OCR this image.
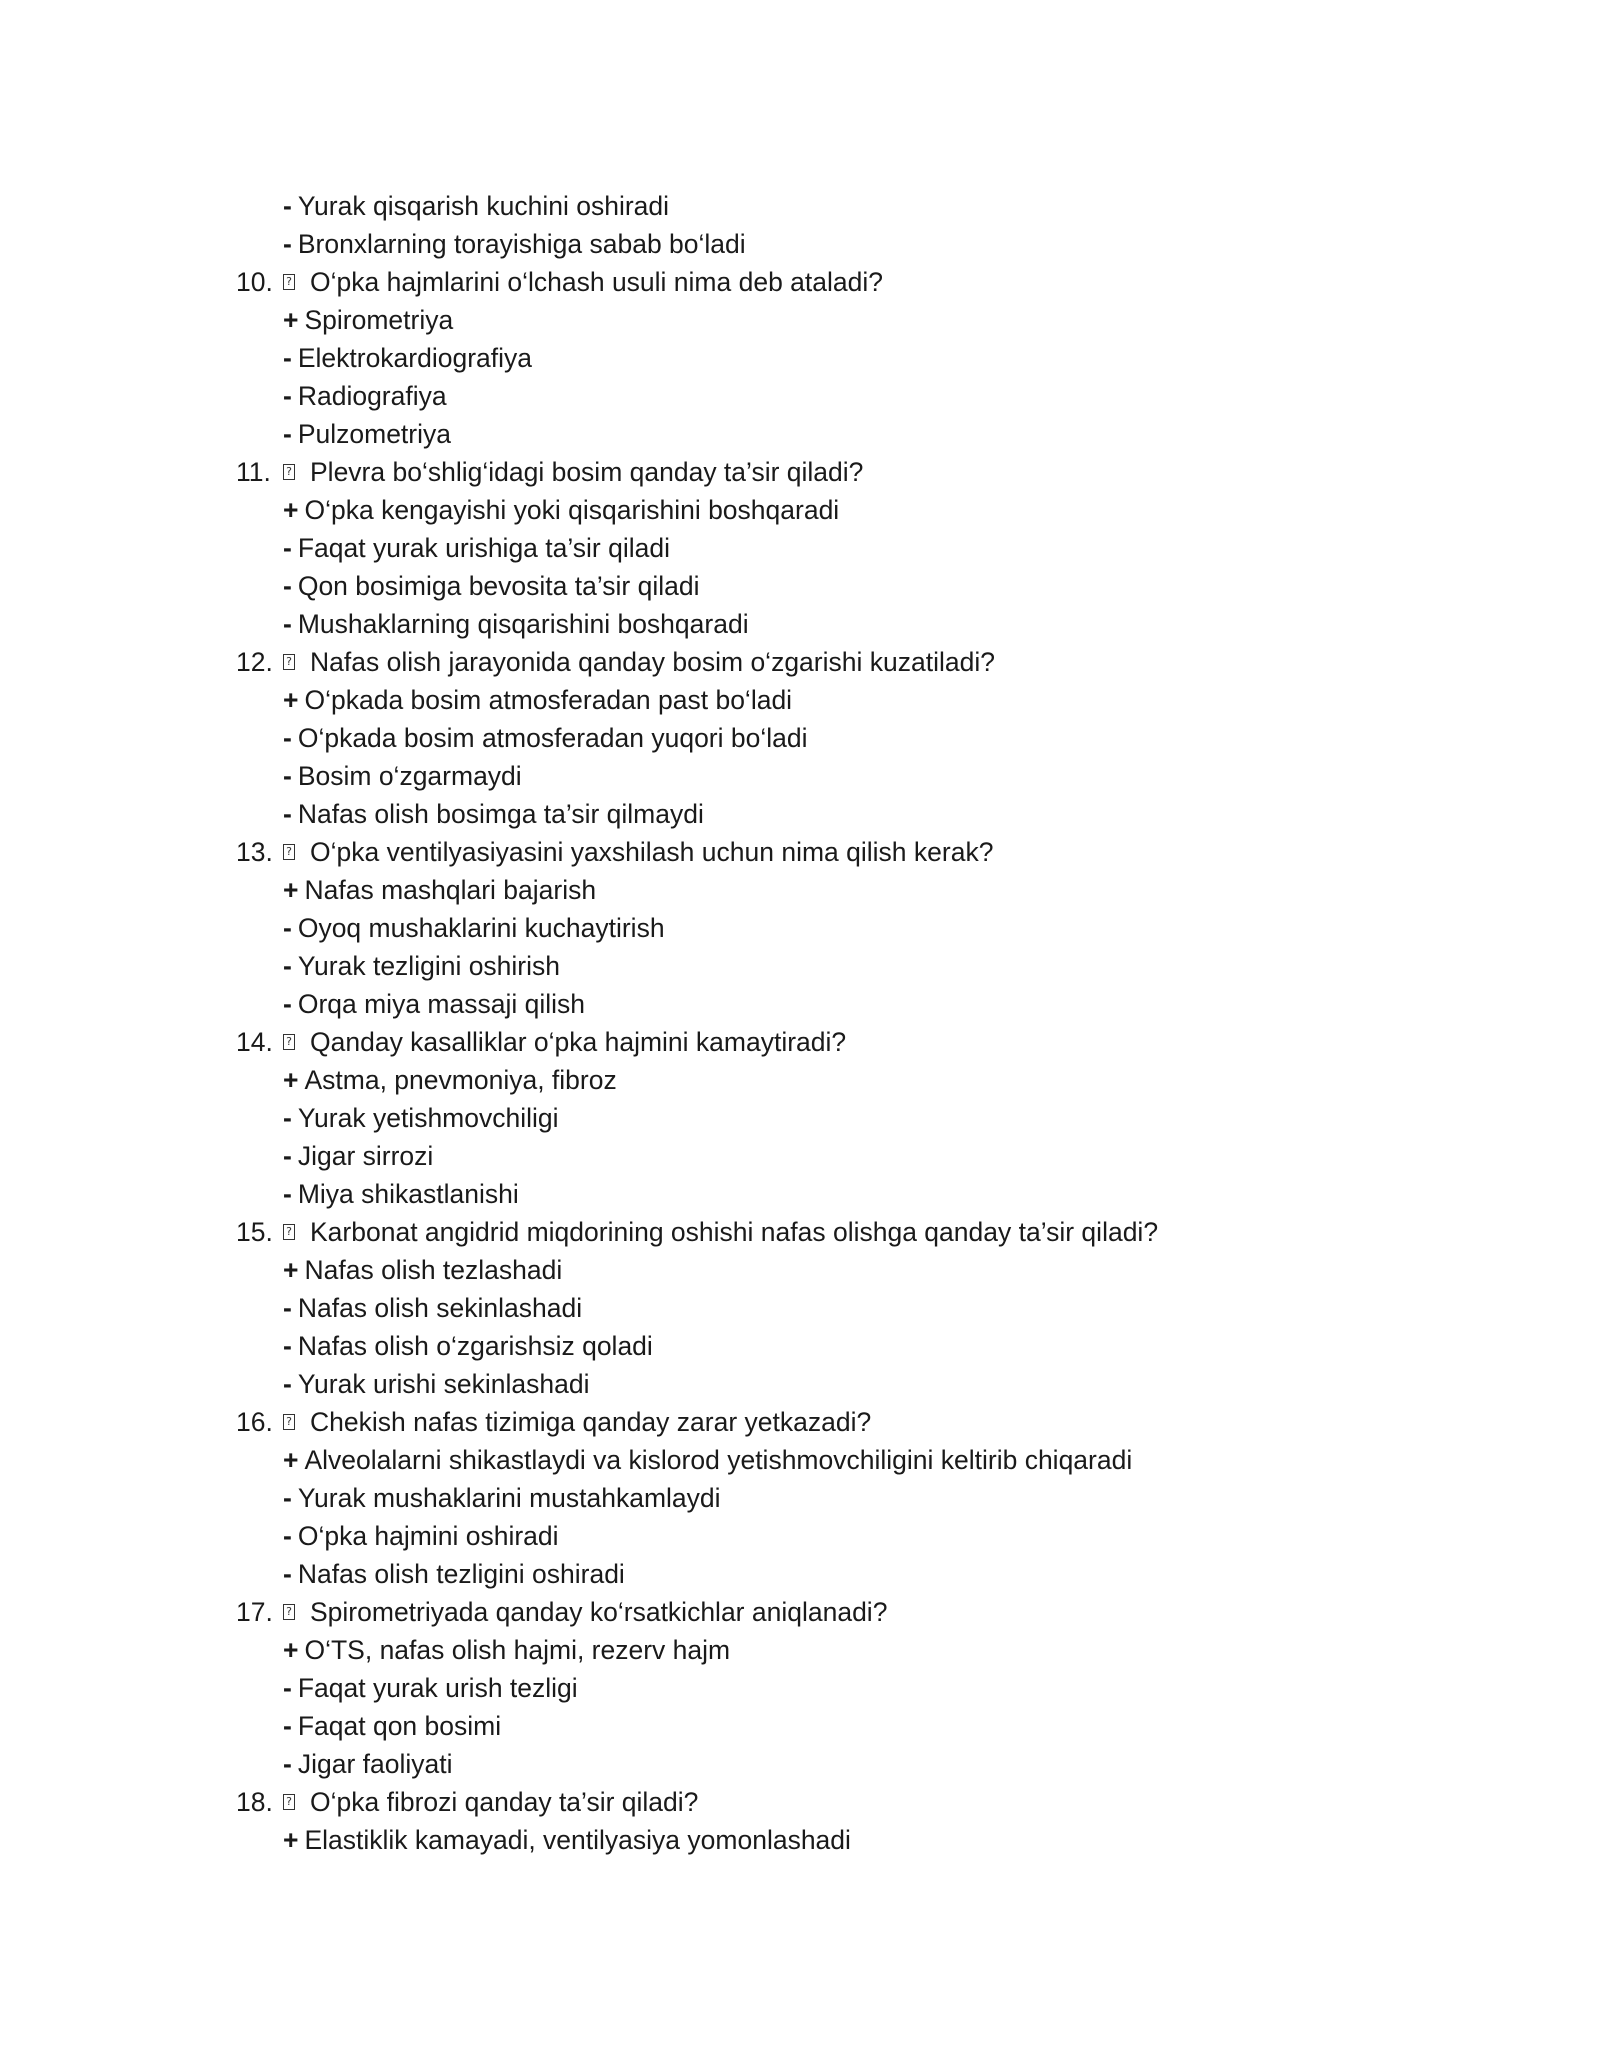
- Yurak qisqarish kuchini oshiradi
- Bronxlarning torayishiga sabab bo‘ladi
10. ? O‘pka hajmlarini o‘lchash usuli nima deb ataladi?
+ Spirometriya
- Elektrokardiografiya
- Radiografiya
- Pulzometriya
11. ? Plevra bo‘shlig‘idagi bosim qanday ta’sir qiladi?
+ O‘pka kengayishi yoki qisqarishini boshqaradi
- Faqat yurak urishiga ta’sir qiladi
- Qon bosimiga bevosita ta’sir qiladi
- Mushaklarning qisqarishini boshqaradi
12. ? Nafas olish jarayonida qanday bosim o‘zgarishi kuzatiladi?
+ O‘pkada bosim atmosferadan past bo‘ladi
- O‘pkada bosim atmosferadan yuqori bo‘ladi
- Bosim o‘zgarmaydi
- Nafas olish bosimga ta’sir qilmaydi
13. ? O‘pka ventilyasiyasini yaxshilash uchun nima qilish kerak?
+ Nafas mashqlari bajarish
- Oyoq mushaklarini kuchaytirish
- Yurak tezligini oshirish
- Orqa miya massaji qilish
14. ? Qanday kasalliklar o‘pka hajmini kamaytiradi?
+ Astma, pnevmoniya, fibroz
- Yurak yetishmovchiligi
- Jigar sirrozi
- Miya shikastlanishi
15. ? Karbonat angidrid miqdorining oshishi nafas olishga qanday ta’sir qiladi?
+ Nafas olish tezlashadi
- Nafas olish sekinlashadi
- Nafas olish o‘zgarishsiz qoladi
- Yurak urishi sekinlashadi
16. ? Chekish nafas tizimiga qanday zarar yetkazadi?
+ Alveolalarni shikastlaydi va kislorod yetishmovchiligini keltirib chiqaradi
- Yurak mushaklarini mustahkamlaydi
- O‘pka hajmini oshiradi
- Nafas olish tezligini oshiradi
17. ? Spirometriyada qanday ko‘rsatkichlar aniqlanadi?
+ O‘TS, nafas olish hajmi, rezerv hajm
- Faqat yurak urish tezligi
- Faqat qon bosimi
- Jigar faoliyati
18. ? O‘pka fibrozi qanday ta’sir qiladi?
+ Elastiklik kamayadi, ventilyasiya yomonlashadi
